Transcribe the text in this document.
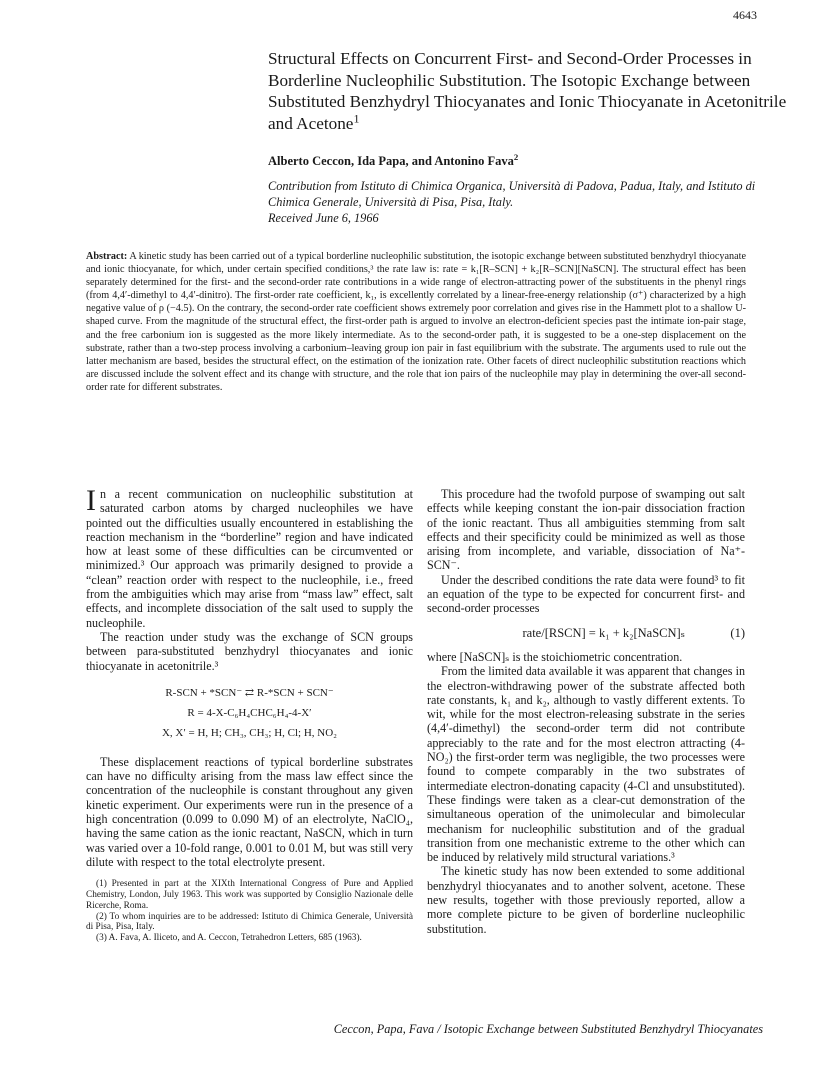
4643
Structural Effects on Concurrent First- and Second-Order Processes in Borderline Nucleophilic Substitution. The Isotopic Exchange between Substituted Benzhydryl Thiocyanates and Ionic Thiocyanate in Acetonitrile and Acetone$^1$
Alberto Ceccon, Ida Papa, and Antonino Fava$^2$
Contribution from Istituto di Chimica Organica, Università di Padova, Padua, Italy, and Istituto di Chimica Generale, Università di Pisa, Pisa, Italy.
Received June 6, 1966
Abstract: A kinetic study has been carried out of a typical borderline nucleophilic substitution, the isotopic exchange between substituted benzhydryl thiocyanate and ionic thiocyanate, for which, under certain specified conditions,³ the rate law is: rate = k₁[R–SCN] + k₂[R–SCN][NaSCN]. The structural effect has been separately determined for the first- and the second-order rate contributions in a wide range of electron-attracting power of the substituents in the phenyl rings (from 4,4′-dimethyl to 4,4′-dinitro). The first-order rate coefficient, k₁, is excellently correlated by a linear-free-energy relationship (σ⁺) characterized by a high negative value of ρ (−4.5). On the contrary, the second-order rate coefficient shows extremely poor correlation and gives rise in the Hammett plot to a shallow U-shaped curve. From the magnitude of the structural effect, the first-order path is argued to involve an electron-deficient species past the intimate ion-pair stage, and the free carbonium ion is suggested as the more likely intermediate. As to the second-order path, it is suggested to be a one-step displacement on the substrate, rather than a two-step process involving a carbonium–leaving group ion pair in fast equilibrium with the substrate. The arguments used to rule out the latter mechanism are based, besides the structural effect, on the estimation of the ionization rate. Other facets of direct nucleophilic substitution reactions which are discussed include the solvent effect and its change with structure, and the role that ion pairs of the nucleophile may play in determining the over-all second-order rate for different substrates.

In a recent communication on nucleophilic substitution at saturated carbon atoms by charged nucleophiles we have pointed out the difficulties usually encountered in establishing the reaction mechanism in the “borderline” region and have indicated how at least some of these difficulties can be circumvented or minimized.³ Our approach was primarily designed to provide a “clean” reaction order with respect to the nucleophile, i.e., freed from the ambiguities which may arise from “mass law” effect, salt effects, and incomplete dissociation of the salt used to supply the nucleophile.

The reaction under study was the exchange of SCN groups between para-substituted benzhydryl thiocyanates and ionic thiocyanate in acetonitrile.³

R-SCN + *SCN⁻ ⇄ R-*SCN + SCN⁻
R = 4-X-C₆H₄CHC₆H₄-4-X′
X, X′ = H, H; CH₃, CH₃; H, Cl; H, NO₂

These displacement reactions of typical borderline substrates can have no difficulty arising from the mass law effect since the concentration of the nucleophile is constant throughout any given kinetic experiment. Our experiments were run in the presence of a high concentration (0.099 to 0.090 M) of an electrolyte, NaClO₄, having the same cation as the ionic reactant, NaSCN, which in turn was varied over a 10-fold range, 0.001 to 0.01 M, but was still very dilute with respect to the total electrolyte present.

(1) Presented in part at the XIXth International Congress of Pure and Applied Chemistry, London, July 1963. This work was supported by Consiglio Nazionale delle Ricerche, Roma.

(2) To whom inquiries are to be addressed: Istituto di Chimica Generale, Università di Pisa, Pisa, Italy.

(3) A. Fava, A. Iliceto, and A. Ceccon, Tetrahedron Letters, 685 (1963).

This procedure had the twofold purpose of swamping out salt effects while keeping constant the ion-pair dissociation fraction of the ionic reactant. Thus all ambiguities stemming from salt effects and their specificity could be minimized as well as those arising from incomplete, and variable, dissociation of Na⁺-SCN⁻.

Under the described conditions the rate data were found³ to fit an equation of the type to be expected for concurrent first- and second-order processes

rate/[RSCN] = k₁ + k₂[NaSCN]ₛ	(1)

where [NaSCN]ₛ is the stoichiometric concentration.

From the limited data available it was apparent that changes in the electron-withdrawing power of the substrate affected both rate constants, k₁ and k₂, although to vastly different extents. To wit, while for the most electron-releasing substrate in the series (4,4′-dimethyl) the second-order term did not contribute appreciably to the rate and for the most electron attracting (4-NO₂) the first-order term was negligible, the two processes were found to compete comparably in the two substrates of intermediate electron-donating capacity (4-Cl and unsubstituted). These findings were taken as a clear-cut demonstration of the simultaneous operation of the unimolecular and bimolecular mechanism for nucleophilic substitution and of the gradual transition from one mechanistic extreme to the other which can be induced by relatively mild structural variations.³

The kinetic study has now been extended to some additional benzhydryl thiocyanates and to another solvent, acetone. These new results, together with those previously reported, allow a more complete picture to be given of borderline nucleophilic substitution.

Ceccon, Papa, Fava / Isotopic Exchange between Substituted Benzhydryl Thiocyanates
